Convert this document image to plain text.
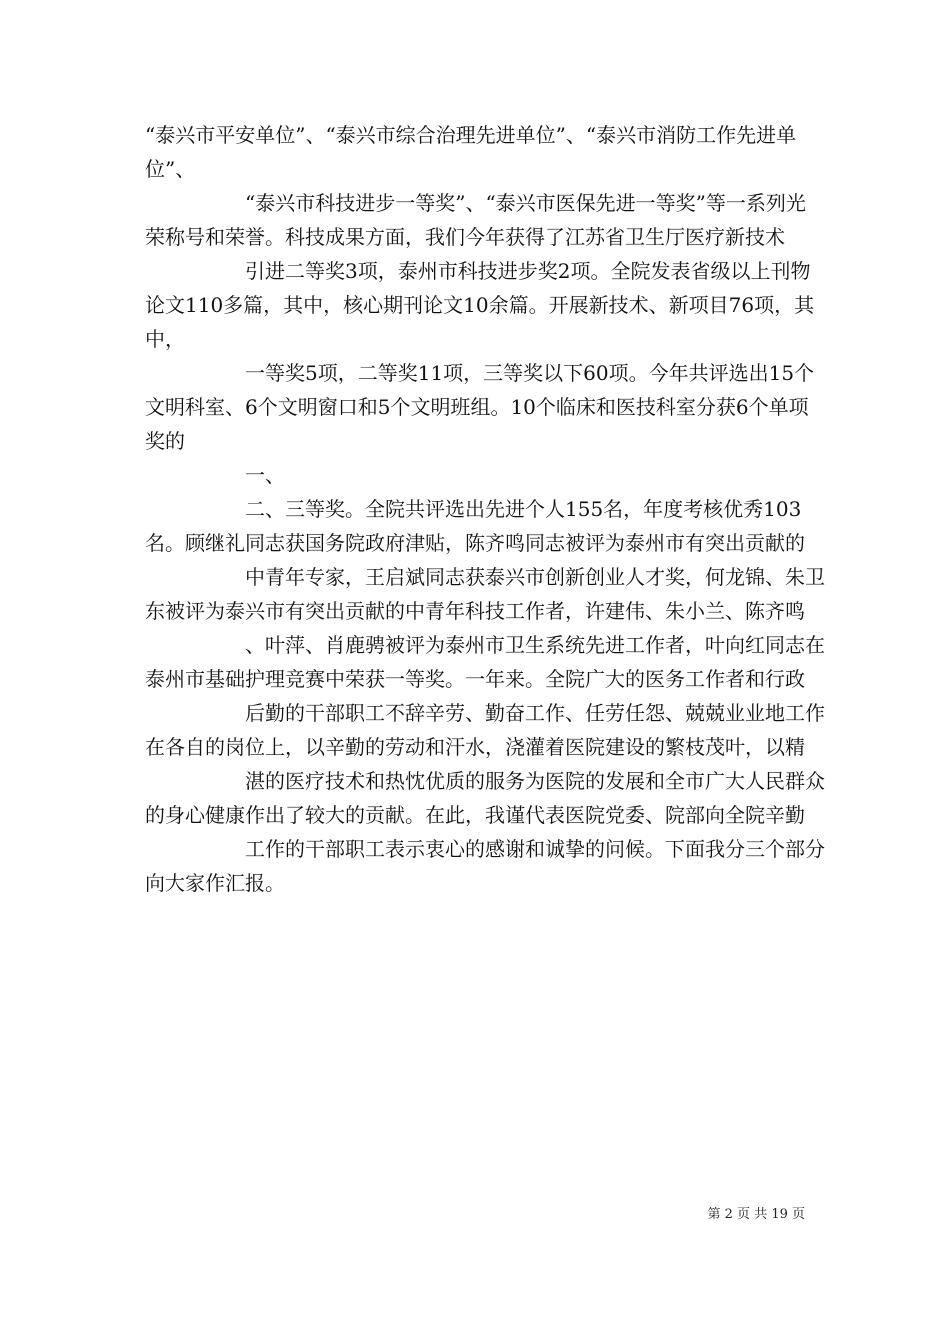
“泰兴市平安单位”、“泰兴市综合治理先进单位”、“泰兴市消防工作先进单位”、

“泰兴市科技进步一等奖”、“泰兴市医保先进一等奖”等一系列光荣称号和荣誉。科技成果方面，我们今年获得了江苏省卫生厅医疗新技术

引进二等奖3项，泰州市科技进步奖2项。全院发表省级以上刊物论文110多篇，其中，核心期刊论文10余篇。开展新技术、新项目76项，其中，

一等奖5项，二等奖11项，三等奖以下60项。今年共评选出15个文明科室、6个文明窗口和5个文明班组。10个临床和医技科室分获6个单项奖的

一、

二、三等奖。全院共评选出先进个人155名，年度考核优秀103名。顾继礼同志获国务院政府津贴，陈齐鸣同志被评为泰州市有突出贡献的

中青年专家，王启斌同志获泰兴市创新创业人才奖，何龙锦、朱卫东被评为泰兴市有突出贡献的中青年科技工作者，许建伟、朱小兰、陈齐鸣

、叶萍、肖鹿骋被评为泰州市卫生系统先进工作者，叶向红同志在泰州市基础护理竞赛中荣获一等奖。一年来。全院广大的医务工作者和行政

后勤的干部职工不辞辛劳、勤奋工作、任劳任怨、兢兢业业地工作在各自的岗位上，以辛勤的劳动和汗水，浇灌着医院建设的繁枝茂叶，以精

湛的医疗技术和热忱优质的服务为医院的发展和全市广大人民群众的身心健康作出了较大的贡献。在此，我谨代表医院党委、院部向全院辛勤

工作的干部职工表示衷心的感谢和诚挚的问候。下面我分三个部分向大家作汇报。

第 2 页 共 19 页
